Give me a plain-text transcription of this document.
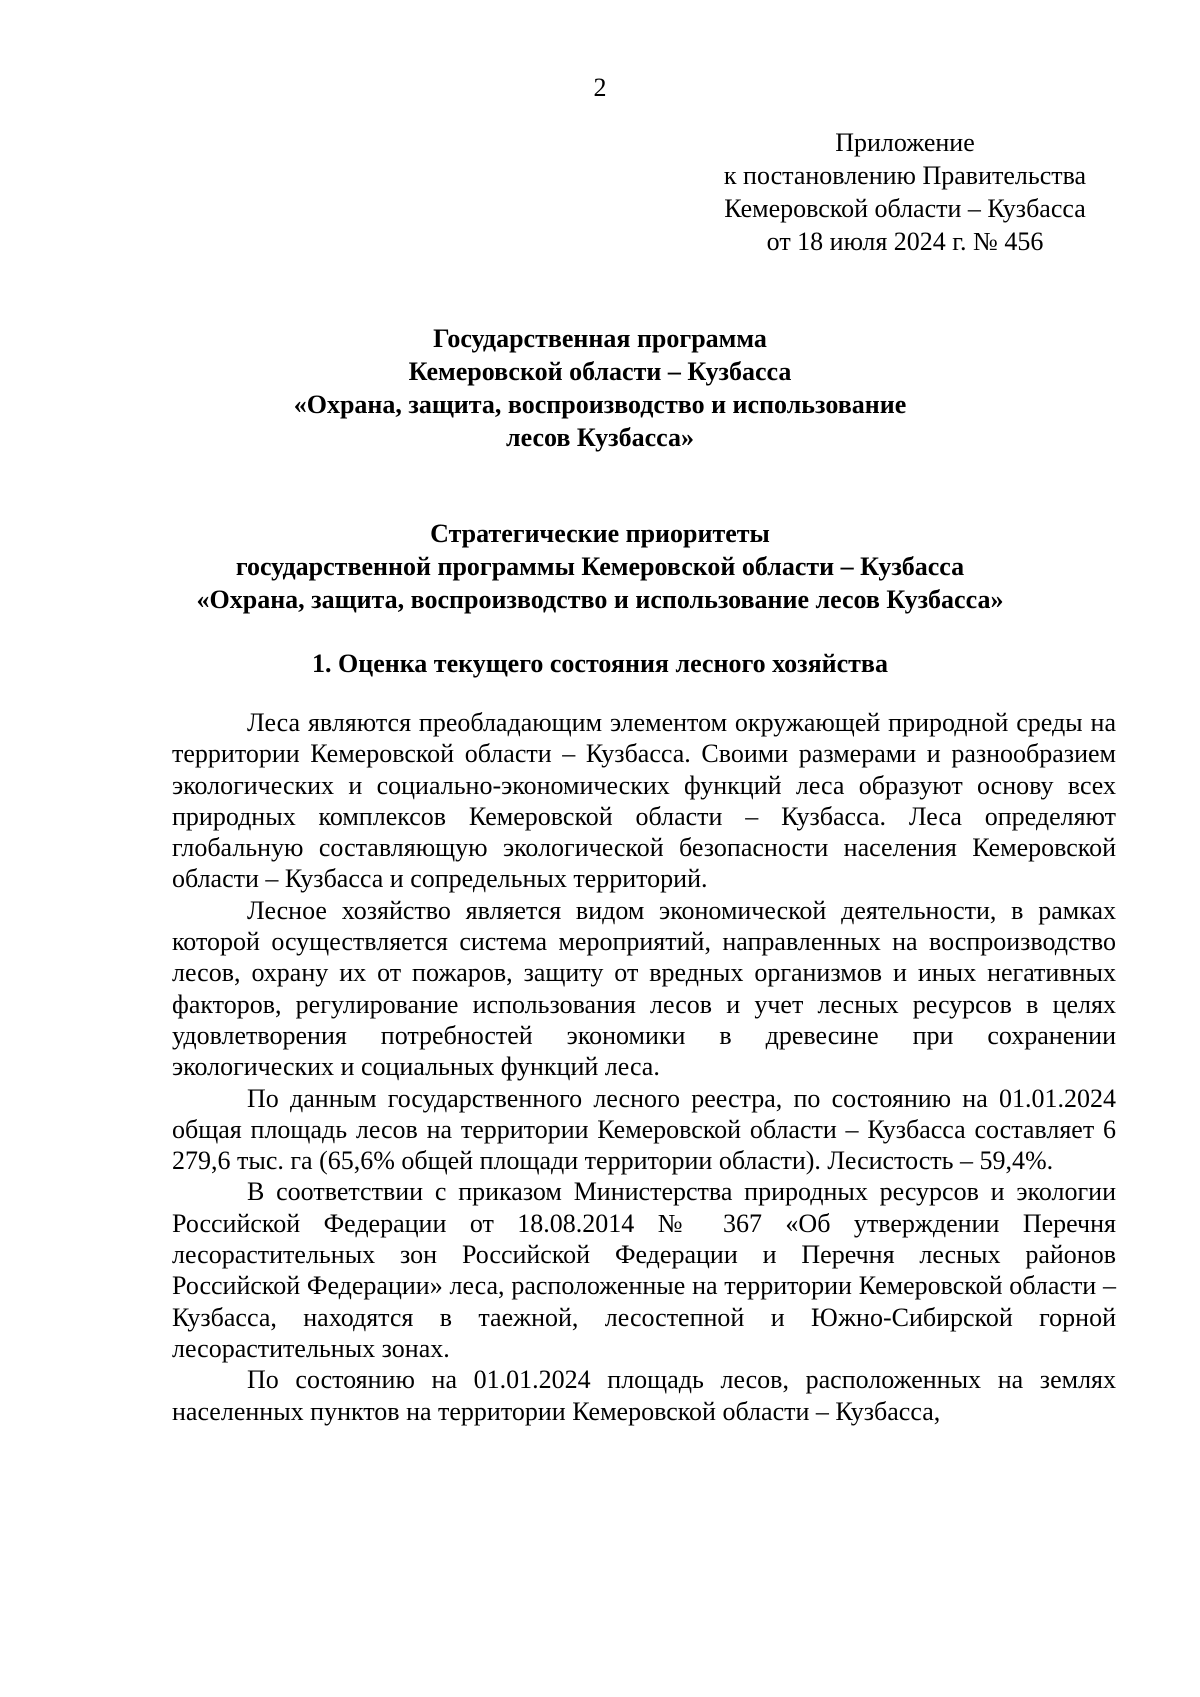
2
Приложение
к постановлению Правительства
Кемеровской области – Кузбасса
от 18 июля 2024 г. № 456
Государственная программа
Кемеровской области – Кузбасса
«Охрана, защита, воспроизводство и использование
лесов Кузбасса»
Стратегические приоритеты
государственной программы Кемеровской области – Кузбасса
«Охрана, защита, воспроизводство и использование лесов Кузбасса»
1. Оценка текущего состояния лесного хозяйства

Леса являются преобладающим элементом окружающей природной среды на территории Кемеровской области – Кузбасса. Своими размерами и разнообразием экологических и социально-экономических функций леса образуют основу всех природных комплексов Кемеровской области – Кузбасса. Леса определяют глобальную составляющую экологической безопасности населения Кемеровской области – Кузбасса и сопредельных территорий.

Лесное хозяйство является видом экономической деятельности, в рамках которой осуществляется система мероприятий, направленных на воспроизводство лесов, охрану их от пожаров, защиту от вредных организмов и иных негативных факторов, регулирование использования лесов и учет лесных ресурсов в целях удовлетворения потребностей экономики в древесине при сохранении экологических и социальных функций леса.

По данным государственного лесного реестра, по состоянию на 01.01.2024 общая площадь лесов на территории Кемеровской области – Кузбасса составляет 6 279,6 тыс. га (65,6% общей площади территории области). Лесистость – 59,4%.

В соответствии с приказом Министерства природных ресурсов и экологии Российской Федерации от 18.08.2014 № 367 «Об утверждении Перечня лесорастительных зон Российской Федерации и Перечня лесных районов Российской Федерации» леса, расположенные на территории Кемеровской области – Кузбасса, находятся в таежной, лесостепной и Южно-Сибирской горной лесорастительных зонах.

По состоянию на 01.01.2024 площадь лесов, расположенных на землях населенных пунктов на территории Кемеровской области – Кузбасса,
